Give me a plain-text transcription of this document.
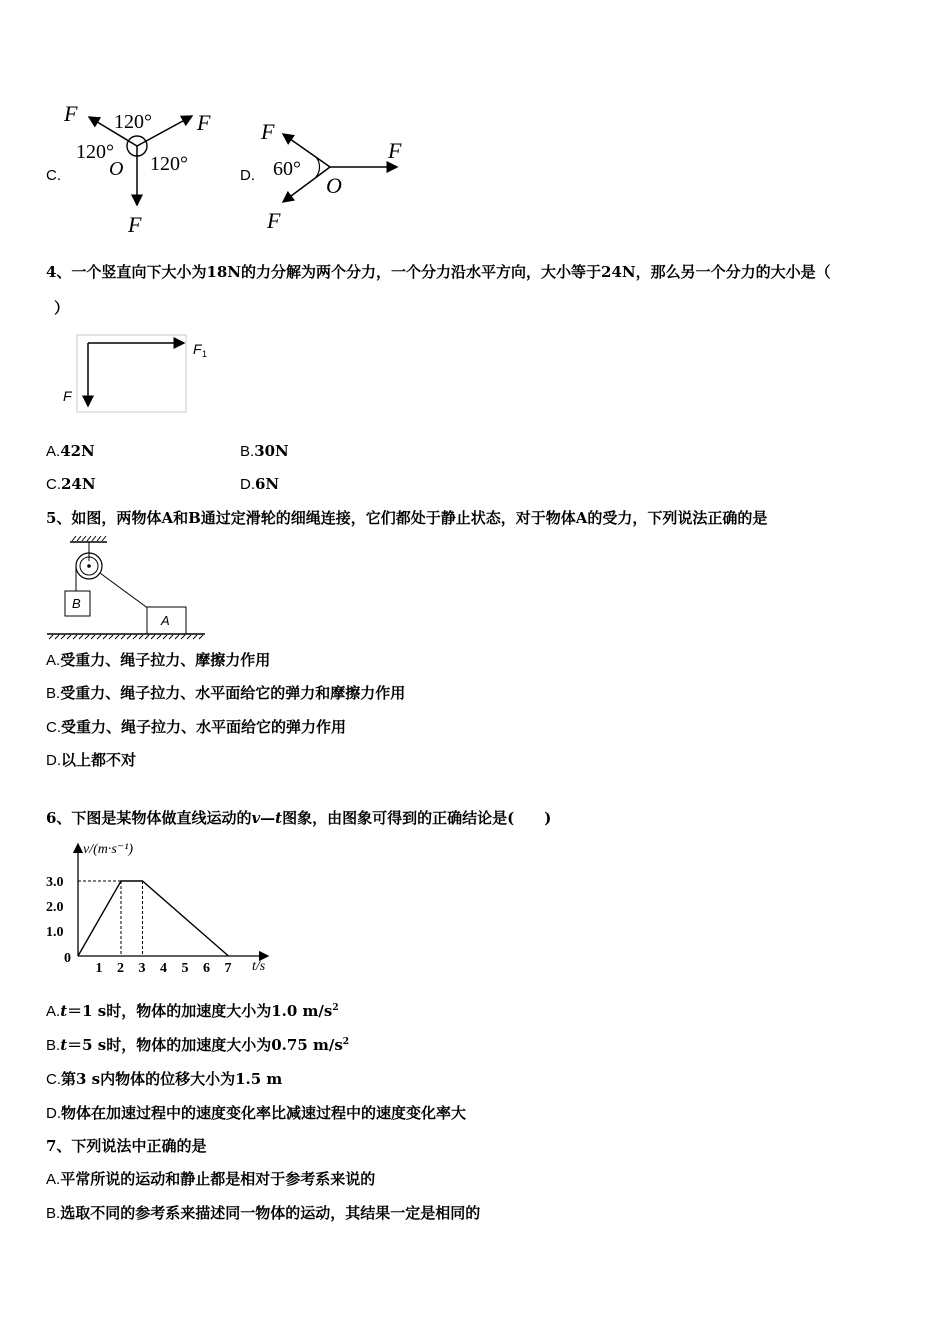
C.
F	F
F
120°
120°
120°
O	D.
F
F
F
60°
O
4、一个竖直向下大小为18N的力分解为两个分力，一个分力沿水平方向，大小等于24N，那么另一个分力的大小是（
）
F 1
F
A.42N	B.30N
C.24N	D.6N
5、如图，两物体A和B通过定滑轮的细绳连接，它们都处于静止状态，对于物体A的受力，下列说法正确的是
B
A
A.受重力、绳子拉力、摩擦力作用
B.受重力、绳子拉力、水平面给它的弹力和摩擦力作用
C.受重力、绳子拉力、水平面给它的弹力作用
D.以上都不对
6、下图是某物体做直线运动的v—t图象，由图象可得到的正确结论是(　　)
v/(m·s⁻¹)
t/s
0
1 2 3 4 5 6 7
1.0
2.0
3.0
A.t＝1 s时，物体的加速度大小为1.0 $m/s^2$
B.t＝5 s时，物体的加速度大小为0.75 $m/s^2$
C.第3 s内物体的位移大小为1.5 m
D.物体在加速过程中的速度变化率比减速过程中的速度变化率大
7、下列说法中正确的是
A.平常所说的运动和静止都是相对于参考系来说的
B.选取不同的参考系来描述同一物体的运动，其结果一定是相同的
